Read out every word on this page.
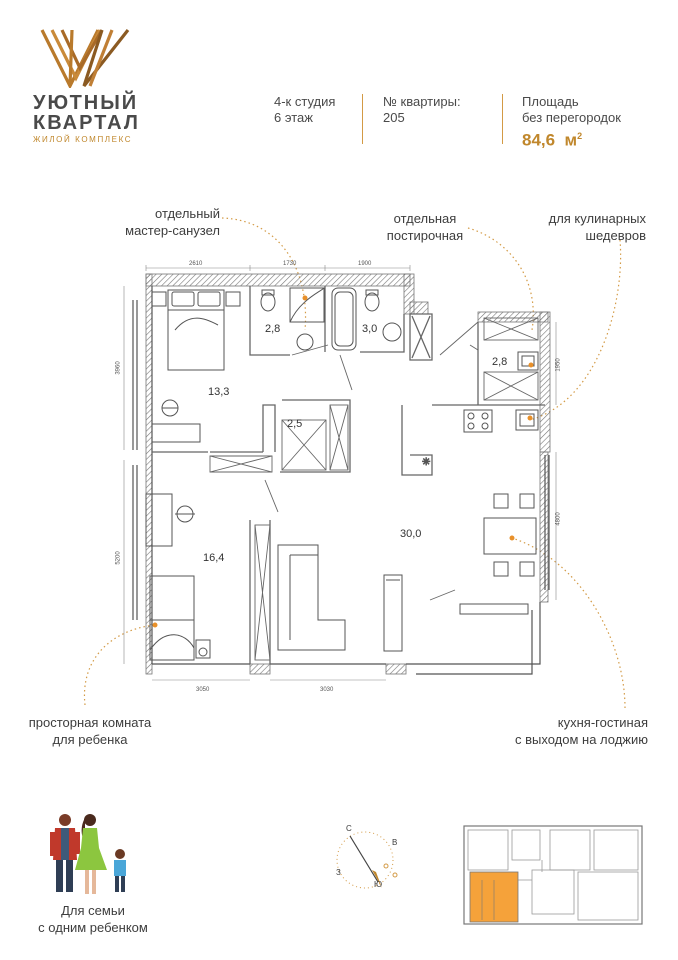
УЮТНЫЙ
КВАРТАЛ
ЖИЛОЙ КОМПЛЕКС
4-к студия
6 этаж
№ квартиры:
205
Площадь
без перегородок
84,6 $м^2$
отдельный
мастер-санузел
отдельная
постирочная
для кулинарных
шедевров
просторная комната
для ребенка
кухня-гостиная
с выходом на лоджию
✳
13,3
2,8	3,0
2,8
2,5
16,4
30,0
2610	1730	1900
3960
5200
1950
4800
3050	3030
Для семьи
с одним ребенком
С
В
Ю
З
